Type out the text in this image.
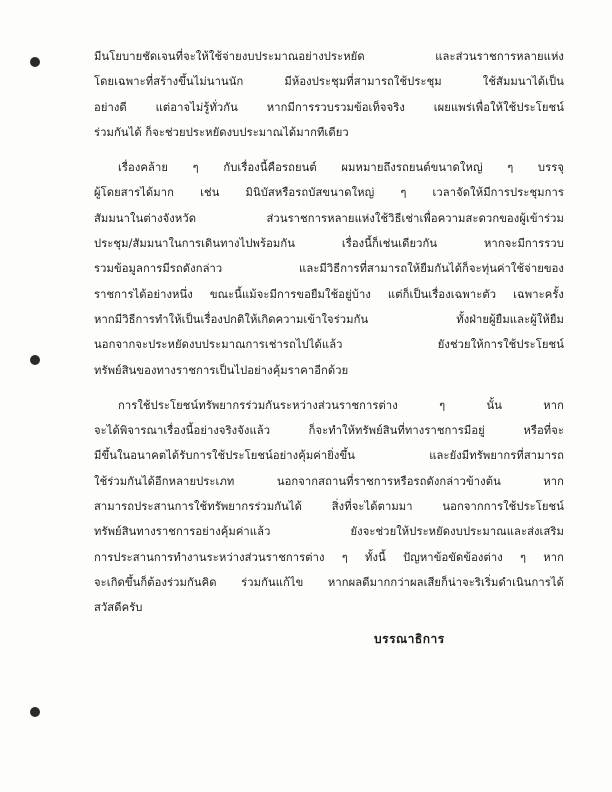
มีนโยบายชัดเจนที่จะให้ใช้จ่ายงบประมาณอย่างประหยัด และส่วนราชการหลายแห่ง
โดยเฉพาะที่สร้างขึ้นไม่นานนัก มีห้องประชุมที่สามารถใช้ประชุม ใช้สัมมนาได้เป็น
อย่างดี แต่อาจไม่รู้ทั่วกัน หากมีการรวบรวมข้อเท็จจริง เผยแพร่เพื่อให้ใช้ประโยชน์
ร่วมกันได้ ก็จะช่วยประหยัดงบประมาณได้มากทีเดียว
เรื่องคล้าย ๆ กับเรื่องนี้คือรถยนต์ ผมหมายถึงรถยนต์ขนาดใหญ่ ๆ บรรจุ
ผู้โดยสารได้มาก เช่น มินิบัสหรือรถบัสขนาดใหญ่ ๆ เวลาจัดให้มีการประชุมการ
สัมมนาในต่างจังหวัด ส่วนราชการหลายแห่งใช้วิธีเช่าเพื่อความสะดวกของผู้เข้าร่วม
ประชุม/สัมมนาในการเดินทางไปพร้อมกัน เรื่องนี้ก็เช่นเดียวกัน หากจะมีการรวบ
รวมข้อมูลการมีรถดังกล่าว และมีวิธีการที่สามารถให้ยืมกันได้ก็จะทุ่นค่าใช้จ่ายของ
ราชการได้อย่างหนึ่ง ขณะนี้แม้จะมีการขอยืมใช้อยู่บ้าง แต่ก็เป็นเรื่องเฉพาะตัว เฉพาะครั้ง
หากมีวิธีการทำให้เป็นเรื่องปกติให้เกิดความเข้าใจร่วมกัน ทั้งฝ่ายผู้ยืมและผู้ให้ยืม
นอกจากจะประหยัดงบประมาณการเช่ารถไปได้แล้ว ยังช่วยให้การใช้ประโยชน์
ทรัพย์สินของทางราชการเป็นไปอย่างคุ้มราคาอีกด้วย
การใช้ประโยชน์ทรัพยากรร่วมกันระหว่างส่วนราชการต่าง ๆ นั้น หาก
จะได้พิจารณาเรื่องนี้อย่างจริงจังแล้ว ก็จะทำให้ทรัพย์สินที่ทางราชการมีอยู่ หรือที่จะ
มีขึ้นในอนาคตได้รับการใช้ประโยชน์อย่างคุ้มค่ายิ่งขึ้น และยังมีทรัพยากรที่สามารถ
ใช้ร่วมกันได้อีกหลายประเภท นอกจากสถานที่ราชการหรือรถดังกล่าวข้างต้น หาก
สามารถประสานการใช้ทรัพยากรร่วมกันได้ สิ่งที่จะได้ตามมา นอกจากการใช้ประโยชน์
ทรัพย์สินทางราชการอย่างคุ้มค่าแล้ว ยังจะช่วยให้ประหยัดงบประมาณและส่งเสริม
การประสานการทำงานระหว่างส่วนราชการต่าง ๆ ทั้งนี้ ปัญหาข้อขัดข้องต่าง ๆ หาก
จะเกิดขึ้นก็ต้องร่วมกันคิด ร่วมกันแก้ไข หากผลดีมากกว่าผลเสียก็น่าจะริเริ่มดำเนินการได้
สวัสดีครับ
บรรณาธิการ
